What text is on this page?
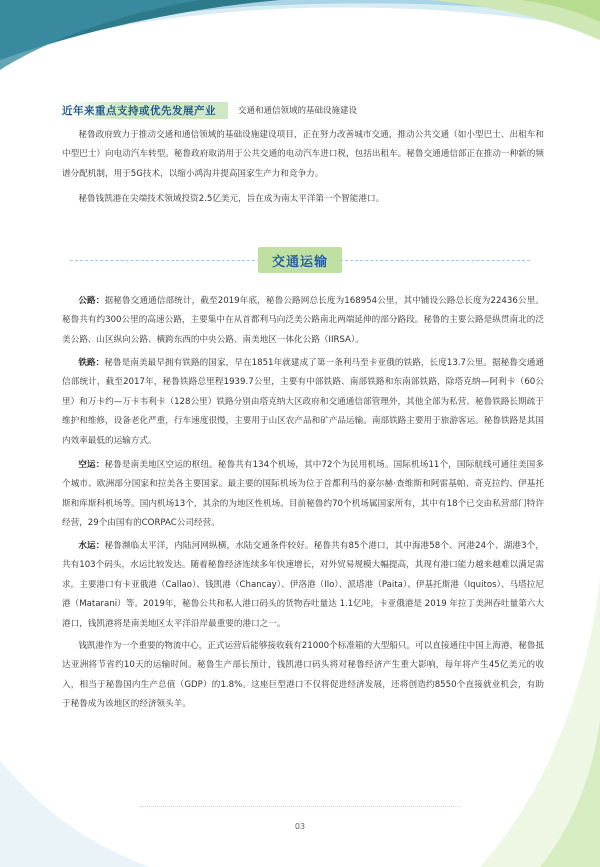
近年来重点支持或优先发展产业	交通和通信领域的基础设施建设

秘鲁政府致力于推动交通和通信领域的基础设施建设项目，正在努力改善城市交通，推动公共交通（如小型巴士、出租车和中型巴士）向电动汽车转型。秘鲁政府取消用于公共交通的电动汽车进口税，包括出租车。秘鲁交通通信部正在推动一种新的频谱分配机制，用于5G技术，以缩小鸿沟并提高国家生产力和竞争力。

秘鲁钱凯港在尖端技术领域投资2.5亿美元，旨在成为南太平洋第一个智能港口。

交通运输

公路：据秘鲁交通通信部统计，截至2019年底，秘鲁公路网总长度为168954公里，其中铺设公路总长度为22436公里。秘鲁共有约300公里的高速公路，主要集中在从首都利马向泛美公路南北两端延伸的部分路段。秘鲁的主要公路是纵贯南北的泛美公路、山区纵向公路、横跨东西的中央公路、南美地区一体化公路（IIRSA）。

铁路：秘鲁是南美最早拥有铁路的国家，早在1851年就建成了第一条利马至卡亚俄的铁路，长度13.7公里。据秘鲁交通通信部统计，截至2017年，秘鲁铁路总里程1939.7公里，主要有中部铁路、南部铁路和东南部铁路，除塔克纳—阿利卡（60公里）和万卡约—万卡韦利卡（128公里）铁路分别由塔克纳大区政府和交通通信部管理外，其他全部为私营。秘鲁铁路长期疏于维护和维修，设备老化严重，行车速度很慢，主要用于山区农产品和矿产品运输。南部铁路主要用于旅游客运。秘鲁铁路是其国内效率最低的运输方式。

空运：秘鲁是南美地区空运的枢纽。秘鲁共有134个机场，其中72个为民用机场。国际机场11个，国际航线可通往美国多个城市、欧洲部分国家和拉美各主要国家。最主要的国际机场为位于首都利马的豪尔赫·查维斯和阿雷基帕、奇克拉约、伊基托斯和库斯科机场等。国内机场13个，其余的为地区性机场。目前秘鲁约70个机场属国家所有，其中有18个已交由私营部门特许经营，29个由国有的CORPAC公司经营。

水运：秘鲁濒临太平洋，内陆河网纵横，水陆交通条件较好。秘鲁共有85个港口，其中海港58个、河港24个、湖港3个，共有103个码头，水运比较发达。随着秘鲁经济连续多年快速增长，对外贸易规模大幅提高，其现有港口能力越来越难以满足需求。主要港口有卡亚俄港（Callao）、钱凯港（Chancay）、伊洛港（Ilo）、派塔港（Paita）、伊基托斯港（Iquitos）、马塔拉尼港（Matarani）等。2019年，秘鲁公共和私人港口码头的货物吞吐量达 1.1亿吨，卡亚俄港是 2019 年拉丁美洲吞吐量第六大港口，钱凯港将是南美地区太平洋沿岸最重要的港口之一。

钱凯港作为一个重要的物流中心，正式运营后能够接收载有21000个标准箱的大型船只。可以直接通往中国上海港，秘鲁抵达亚洲将节省约10天的运输时间。秘鲁生产部长预计，钱凯港口码头将对秘鲁经济产生重大影响，每年将产生45亿美元的收入，相当于秘鲁国内生产总值（GDP）的1.8%。这座巨型港口不仅将促进经济发展，还将创造约8550个直接就业机会，有助于秘鲁成为该地区的经济领头羊。

03
